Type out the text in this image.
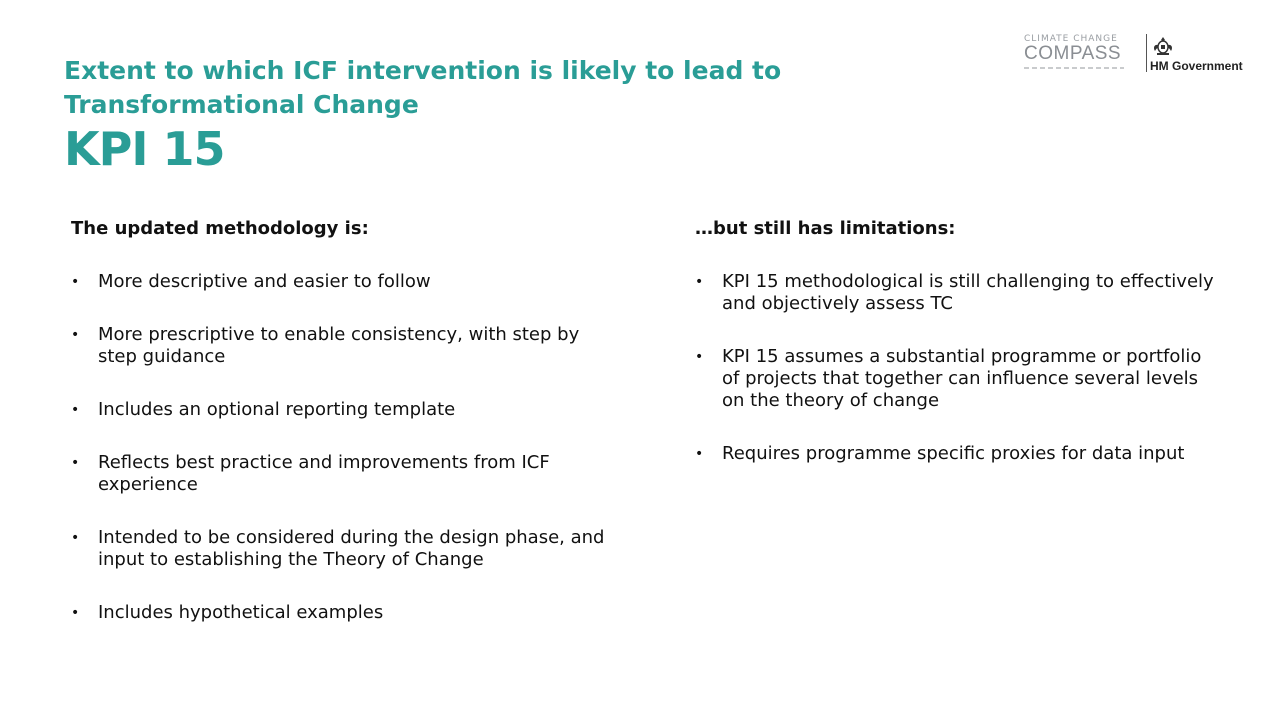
Extent to which ICF intervention is likely to lead to
Transformational Change

KPI 15
CLIMATE CHANGE
COMPASS
HM Government
The updated methodology is:
• More descriptive and easier to follow
• More prescriptive to enable consistency, with step by step guidance
• Includes an optional reporting template
• Reflects best practice and improvements from ICF experience
• Intended to be considered during the design phase, and input to establishing the Theory of Change
• Includes hypothetical examples
…but still has limitations:
• KPI 15 methodological is still challenging to effectively and objectively assess TC
• KPI 15 assumes a substantial programme or portfolio of projects that together can influence several levels on the theory of change
• Requires programme specific proxies for data input
